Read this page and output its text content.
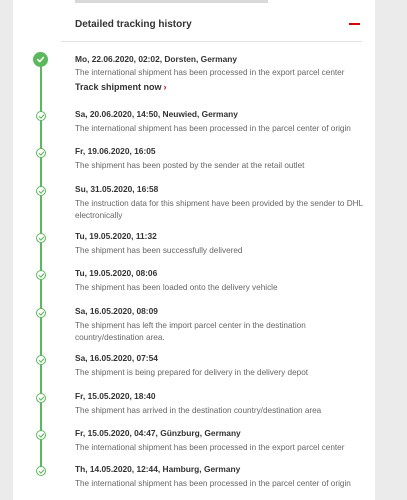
Detailed tracking history
Mo, 22.06.2020, 02:02, Dorsten, Germany
The international shipment has been processed in the export parcel center
Track shipment now ›
Sa, 20.06.2020, 14:50, Neuwied, Germany
The international shipment has been processed in the parcel center of origin
Fr, 19.06.2020, 16:05
The shipment has been posted by the sender at the retail outlet
Su, 31.05.2020, 16:58
The instruction data for this shipment have been provided by the sender to DHL electronically
Tu, 19.05.2020, 11:32
The shipment has been successfully delivered
Tu, 19.05.2020, 08:06
The shipment has been loaded onto the delivery vehicle
Sa, 16.05.2020, 08:09
The shipment has left the import parcel center in the destination country/destination area.
Sa, 16.05.2020, 07:54
The shipment is being prepared for delivery in the delivery depot
Fr, 15.05.2020, 18:40
The shipment has arrived in the destination country/destination area
Fr, 15.05.2020, 04:47, Günzburg, Germany
The international shipment has been processed in the export parcel center
Th, 14.05.2020, 12:44, Hamburg, Germany
The international shipment has been processed in the parcel center of origin
